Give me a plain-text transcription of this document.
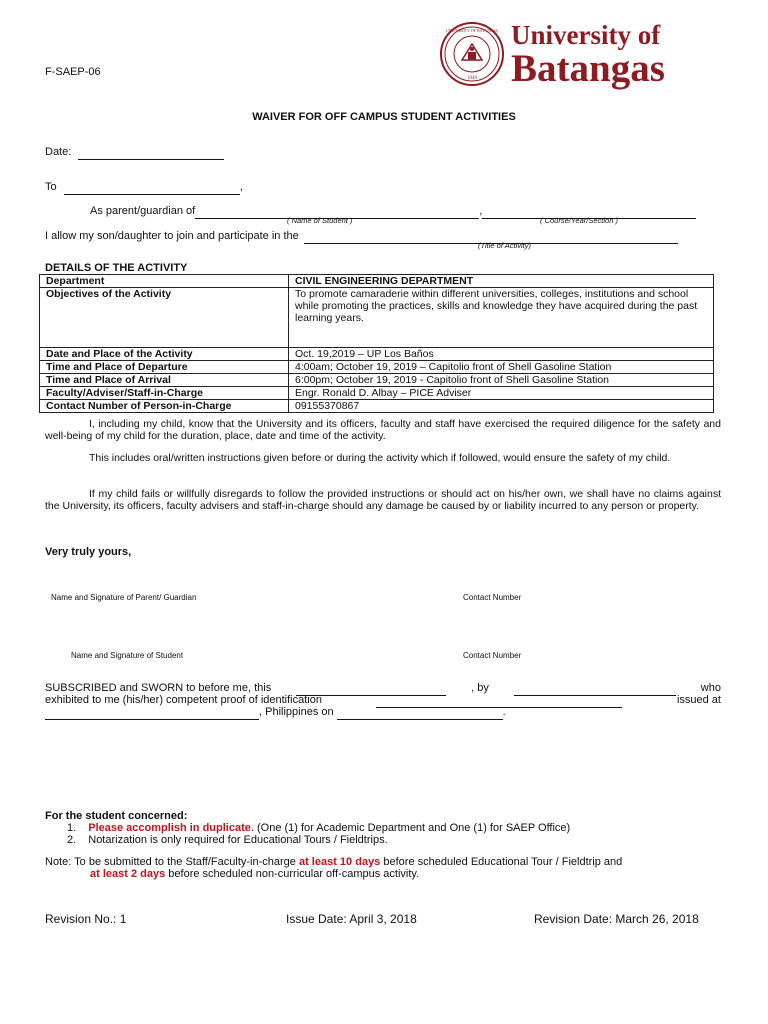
F-SAEP-06
1946
UNIVERSITY OF BATANGAS University of
Batangas
WAIVER FOR OFF CAMPUS STUDENT ACTIVITIES
Date:
To	,
As parent/guardian of	,
( Name of Student )	( Course/Year/Section )
I allow my son/daughter to join and participate in the
(Title of Activity)
DETAILS OF THE ACTIVITY
Department	CIVIL ENGINEERING DEPARTMENT
Objectives of the Activity	To promote camaraderie within different universities, colleges, institutions and school while promoting the practices, skills and knowledge they have acquired during the past learning years.
Date and Place of the Activity	Oct. 19,2019 – UP Los Baños
Time and Place of Departure	4:00am; October 19, 2019 – Capitolio front of Shell Gasoline Station
Time and Place of Arrival	6:00pm; October 19, 2019 - Capitolio front of Shell Gasoline Station
Faculty/Adviser/Staff-in-Charge	Engr. Ronald D. Albay – PICE Adviser
Contact Number of Person-in-Charge	09155370867
I, including my child, know that the University and its officers, faculty and staff have exercised the required diligence for the safety and well-being of my child for the duration, place, date and time of the activity.
This includes oral/written instructions given before or during the activity which if followed, would ensure the safety of my child.
If my child fails or willfully disregards to follow the provided instructions or should act on his/her own, we shall have no claims against the University, its officers, faculty advisers and staff-in-charge should any damage be caused by or liability incurred to any person or property.
Very truly yours,
Name and Signature of Parent/ Guardian	Contact Number
Name and Signature of Student	Contact Number
SUBSCRIBED and SWORN to before me, this
	, by
	who
exhibited to me (his/her) competent proof of identification
	issued at
, Philippines on	.
For the student concerned:
1. Please accomplish in duplicate. (One (1) for Academic Department and One (1) for SAEP Office)
2. Notarization is only required for Educational Tours / Fieldtrips.
Note: To be submitted to the Staff/Faculty-in-charge at least 10 days before scheduled Educational Tour / Fieldtrip and
at least 2 days before scheduled non-curricular off-campus activity.
Revision No.: 1	Issue Date: April 3, 2018	Revision Date: March 26, 2018
